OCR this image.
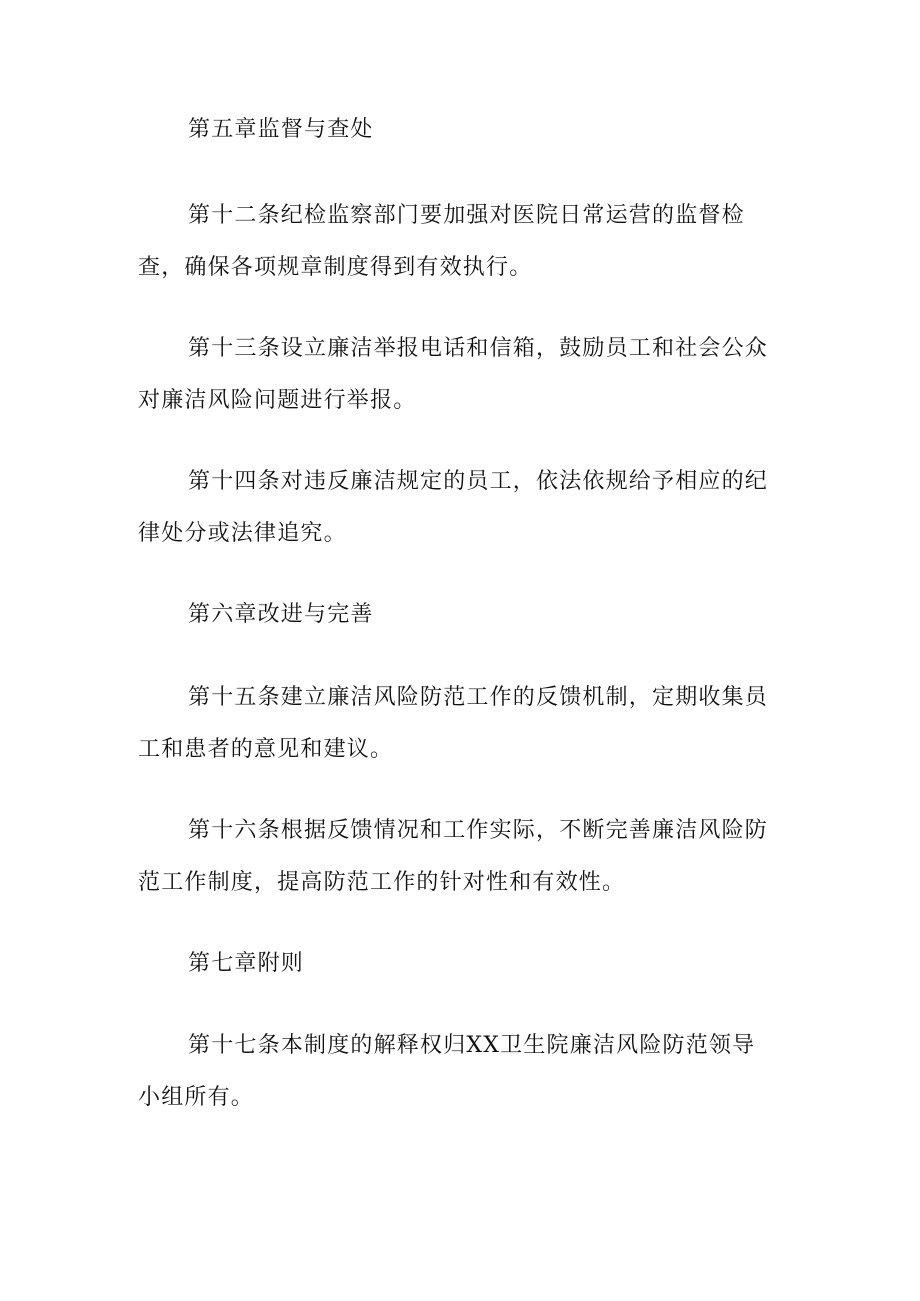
第五章监督与查处

第十二条纪检监察部门要加强对医院日常运营的监督检查，确保各项规章制度得到有效执行。

第十三条设立廉洁举报电话和信箱，鼓励员工和社会公众对廉洁风险问题进行举报。

第十四条对违反廉洁规定的员工，依法依规给予相应的纪律处分或法律追究。

第六章改进与完善

第十五条建立廉洁风险防范工作的反馈机制，定期收集员工和患者的意见和建议。

第十六条根据反馈情况和工作实际，不断完善廉洁风险防范工作制度，提高防范工作的针对性和有效性。

第七章附则

第十七条本制度的解释权归XX卫生院廉洁风险防范领导小组所有。
